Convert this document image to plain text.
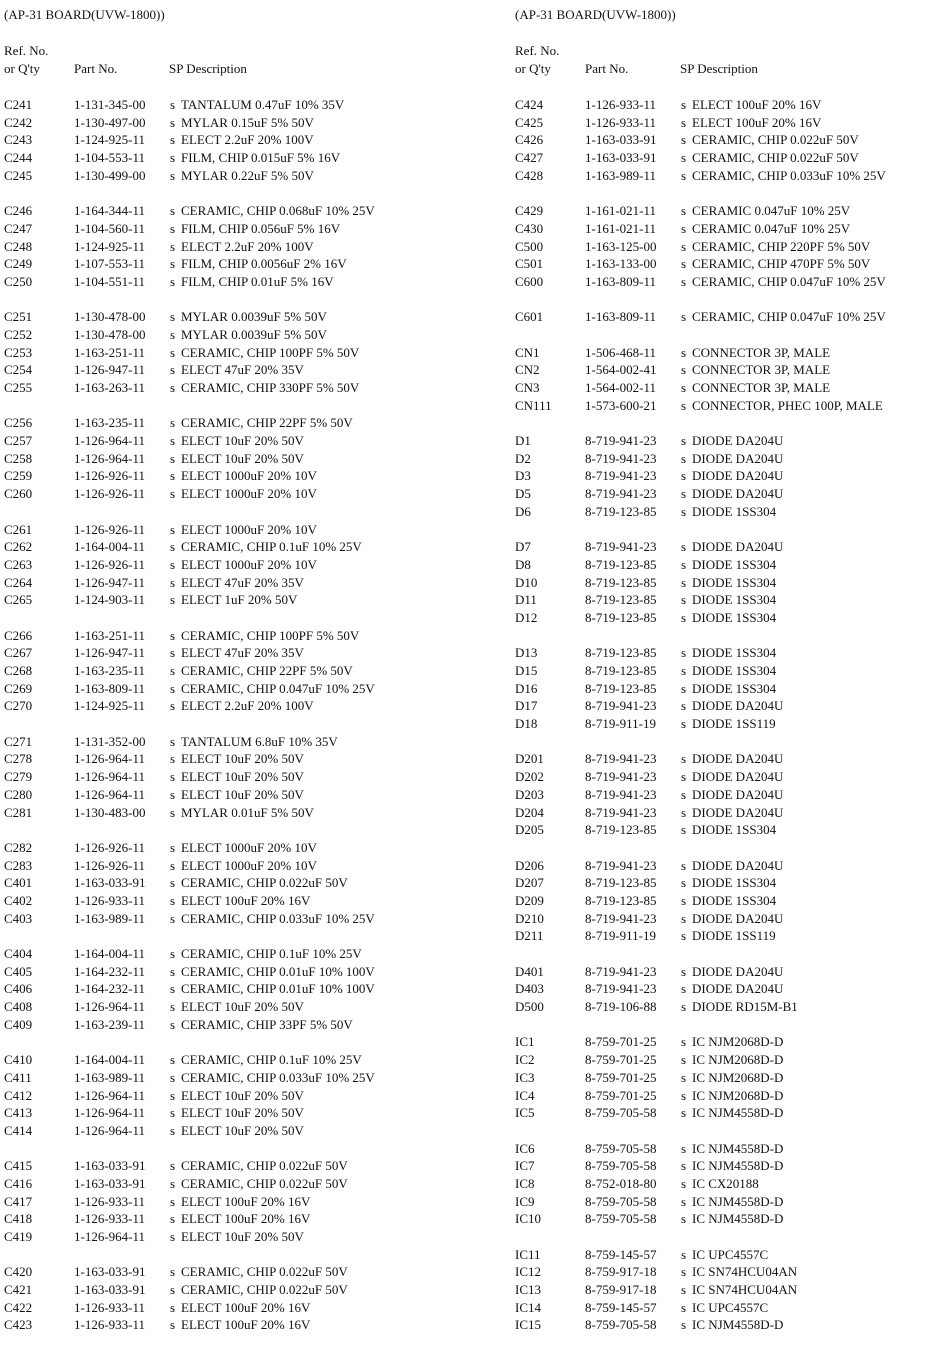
(AP-31 BOARD(UVW-1800))
Ref. No.
or Q'ty	Part No.	SP Description
C241	1-131-345-00 s TANTALUM 0.47uF 10% 35V
C242	1-130-497-00 s MYLAR 0.15uF 5% 50V
C243	1-124-925-11 s ELECT 2.2uF 20% 100V
C244	1-104-553-11 s FILM, CHIP 0.015uF 5% 16V
C245	1-130-499-00 s MYLAR 0.22uF 5% 50V
C246	1-164-344-11 s CERAMIC, CHIP 0.068uF 10% 25V
C247	1-104-560-11 s FILM, CHIP 0.056uF 5% 16V
C248	1-124-925-11 s ELECT 2.2uF 20% 100V
C249	1-107-553-11 s FILM, CHIP 0.0056uF 2% 16V
C250	1-104-551-11 s FILM, CHIP 0.01uF 5% 16V
C251	1-130-478-00 s MYLAR 0.0039uF 5% 50V
C252	1-130-478-00 s MYLAR 0.0039uF 5% 50V
C253	1-163-251-11 s CERAMIC, CHIP 100PF 5% 50V
C254	1-126-947-11 s ELECT 47uF 20% 35V
C255	1-163-263-11 s CERAMIC, CHIP 330PF 5% 50V
C256	1-163-235-11 s CERAMIC, CHIP 22PF 5% 50V
C257	1-126-964-11 s ELECT 10uF 20% 50V
C258	1-126-964-11 s ELECT 10uF 20% 50V
C259	1-126-926-11 s ELECT 1000uF 20% 10V
C260	1-126-926-11 s ELECT 1000uF 20% 10V
C261	1-126-926-11 s ELECT 1000uF 20% 10V
C262	1-164-004-11 s CERAMIC, CHIP 0.1uF 10% 25V
C263	1-126-926-11 s ELECT 1000uF 20% 10V
C264	1-126-947-11 s ELECT 47uF 20% 35V
C265	1-124-903-11 s ELECT 1uF 20% 50V
C266	1-163-251-11 s CERAMIC, CHIP 100PF 5% 50V
C267	1-126-947-11 s ELECT 47uF 20% 35V
C268	1-163-235-11 s CERAMIC, CHIP 22PF 5% 50V
C269	1-163-809-11 s CERAMIC, CHIP 0.047uF 10% 25V
C270	1-124-925-11 s ELECT 2.2uF 20% 100V
C271	1-131-352-00 s TANTALUM 6.8uF 10% 35V
C278	1-126-964-11 s ELECT 10uF 20% 50V
C279	1-126-964-11 s ELECT 10uF 20% 50V
C280	1-126-964-11 s ELECT 10uF 20% 50V
C281	1-130-483-00 s MYLAR 0.01uF 5% 50V
C282	1-126-926-11 s ELECT 1000uF 20% 10V
C283	1-126-926-11 s ELECT 1000uF 20% 10V
C401	1-163-033-91 s CERAMIC, CHIP 0.022uF 50V
C402	1-126-933-11 s ELECT 100uF 20% 16V
C403	1-163-989-11 s CERAMIC, CHIP 0.033uF 10% 25V
C404	1-164-004-11 s CERAMIC, CHIP 0.1uF 10% 25V
C405	1-164-232-11 s CERAMIC, CHIP 0.01uF 10% 100V
C406	1-164-232-11 s CERAMIC, CHIP 0.01uF 10% 100V
C408	1-126-964-11 s ELECT 10uF 20% 50V
C409	1-163-239-11 s CERAMIC, CHIP 33PF 5% 50V
C410	1-164-004-11 s CERAMIC, CHIP 0.1uF 10% 25V
C411	1-163-989-11 s CERAMIC, CHIP 0.033uF 10% 25V
C412	1-126-964-11 s ELECT 10uF 20% 50V
C413	1-126-964-11 s ELECT 10uF 20% 50V
C414	1-126-964-11 s ELECT 10uF 20% 50V
C415	1-163-033-91 s CERAMIC, CHIP 0.022uF 50V
C416	1-163-033-91 s CERAMIC, CHIP 0.022uF 50V
C417	1-126-933-11 s ELECT 100uF 20% 16V
C418	1-126-933-11 s ELECT 100uF 20% 16V
C419	1-126-964-11 s ELECT 10uF 20% 50V
C420	1-163-033-91 s CERAMIC, CHIP 0.022uF 50V
C421	1-163-033-91 s CERAMIC, CHIP 0.022uF 50V
C422	1-126-933-11 s ELECT 100uF 20% 16V
C423	1-126-933-11 s ELECT 100uF 20% 16V
(AP-31 BOARD(UVW-1800))
Ref. No.
or Q'ty	Part No.	SP Description
C424	1-126-933-11 s ELECT 100uF 20% 16V
C425	1-126-933-11 s ELECT 100uF 20% 16V
C426	1-163-033-91 s CERAMIC, CHIP 0.022uF 50V
C427	1-163-033-91 s CERAMIC, CHIP 0.022uF 50V
C428	1-163-989-11 s CERAMIC, CHIP 0.033uF 10% 25V
C429	1-161-021-11 s CERAMIC 0.047uF 10% 25V
C430	1-161-021-11 s CERAMIC 0.047uF 10% 25V
C500	1-163-125-00 s CERAMIC, CHIP 220PF 5% 50V
C501	1-163-133-00 s CERAMIC, CHIP 470PF 5% 50V
C600	1-163-809-11 s CERAMIC, CHIP 0.047uF 10% 25V
C601	1-163-809-11 s CERAMIC, CHIP 0.047uF 10% 25V
CN1	1-506-468-11 s CONNECTOR 3P, MALE
CN2	1-564-002-41 s CONNECTOR 3P, MALE
CN3	1-564-002-11 s CONNECTOR 3P, MALE
CN111	1-573-600-21 s CONNECTOR, PHEC 100P, MALE
D1	8-719-941-23 s DIODE DA204U
D2	8-719-941-23 s DIODE DA204U
D3	8-719-941-23 s DIODE DA204U
D5	8-719-941-23 s DIODE DA204U
D6	8-719-123-85 s DIODE 1SS304
D7	8-719-941-23 s DIODE DA204U
D8	8-719-123-85 s DIODE 1SS304
D10	8-719-123-85 s DIODE 1SS304
D11	8-719-123-85 s DIODE 1SS304
D12	8-719-123-85 s DIODE 1SS304
D13	8-719-123-85 s DIODE 1SS304
D15	8-719-123-85 s DIODE 1SS304
D16	8-719-123-85 s DIODE 1SS304
D17	8-719-941-23 s DIODE DA204U
D18	8-719-911-19 s DIODE 1SS119
D201	8-719-941-23 s DIODE DA204U
D202	8-719-941-23 s DIODE DA204U
D203	8-719-941-23 s DIODE DA204U
D204	8-719-941-23 s DIODE DA204U
D205	8-719-123-85 s DIODE 1SS304
D206	8-719-941-23 s DIODE DA204U
D207	8-719-123-85 s DIODE 1SS304
D209	8-719-123-85 s DIODE 1SS304
D210	8-719-941-23 s DIODE DA204U
D211	8-719-911-19 s DIODE 1SS119
D401	8-719-941-23 s DIODE DA204U
D403	8-719-941-23 s DIODE DA204U
D500	8-719-106-88 s DIODE RD15M-B1
IC1	8-759-701-25 s IC NJM2068D-D
IC2	8-759-701-25 s IC NJM2068D-D
IC3	8-759-701-25 s IC NJM2068D-D
IC4	8-759-701-25 s IC NJM2068D-D
IC5	8-759-705-58 s IC NJM4558D-D
IC6	8-759-705-58 s IC NJM4558D-D
IC7	8-759-705-58 s IC NJM4558D-D
IC8	8-752-018-80 s IC CX20188
IC9	8-759-705-58 s IC NJM4558D-D
IC10	8-759-705-58 s IC NJM4558D-D
IC11	8-759-145-57 s IC UPC4557C
IC12	8-759-917-18 s IC SN74HCU04AN
IC13	8-759-917-18 s IC SN74HCU04AN
IC14	8-759-145-57 s IC UPC4557C
IC15	8-759-705-58 s IC NJM4558D-D
